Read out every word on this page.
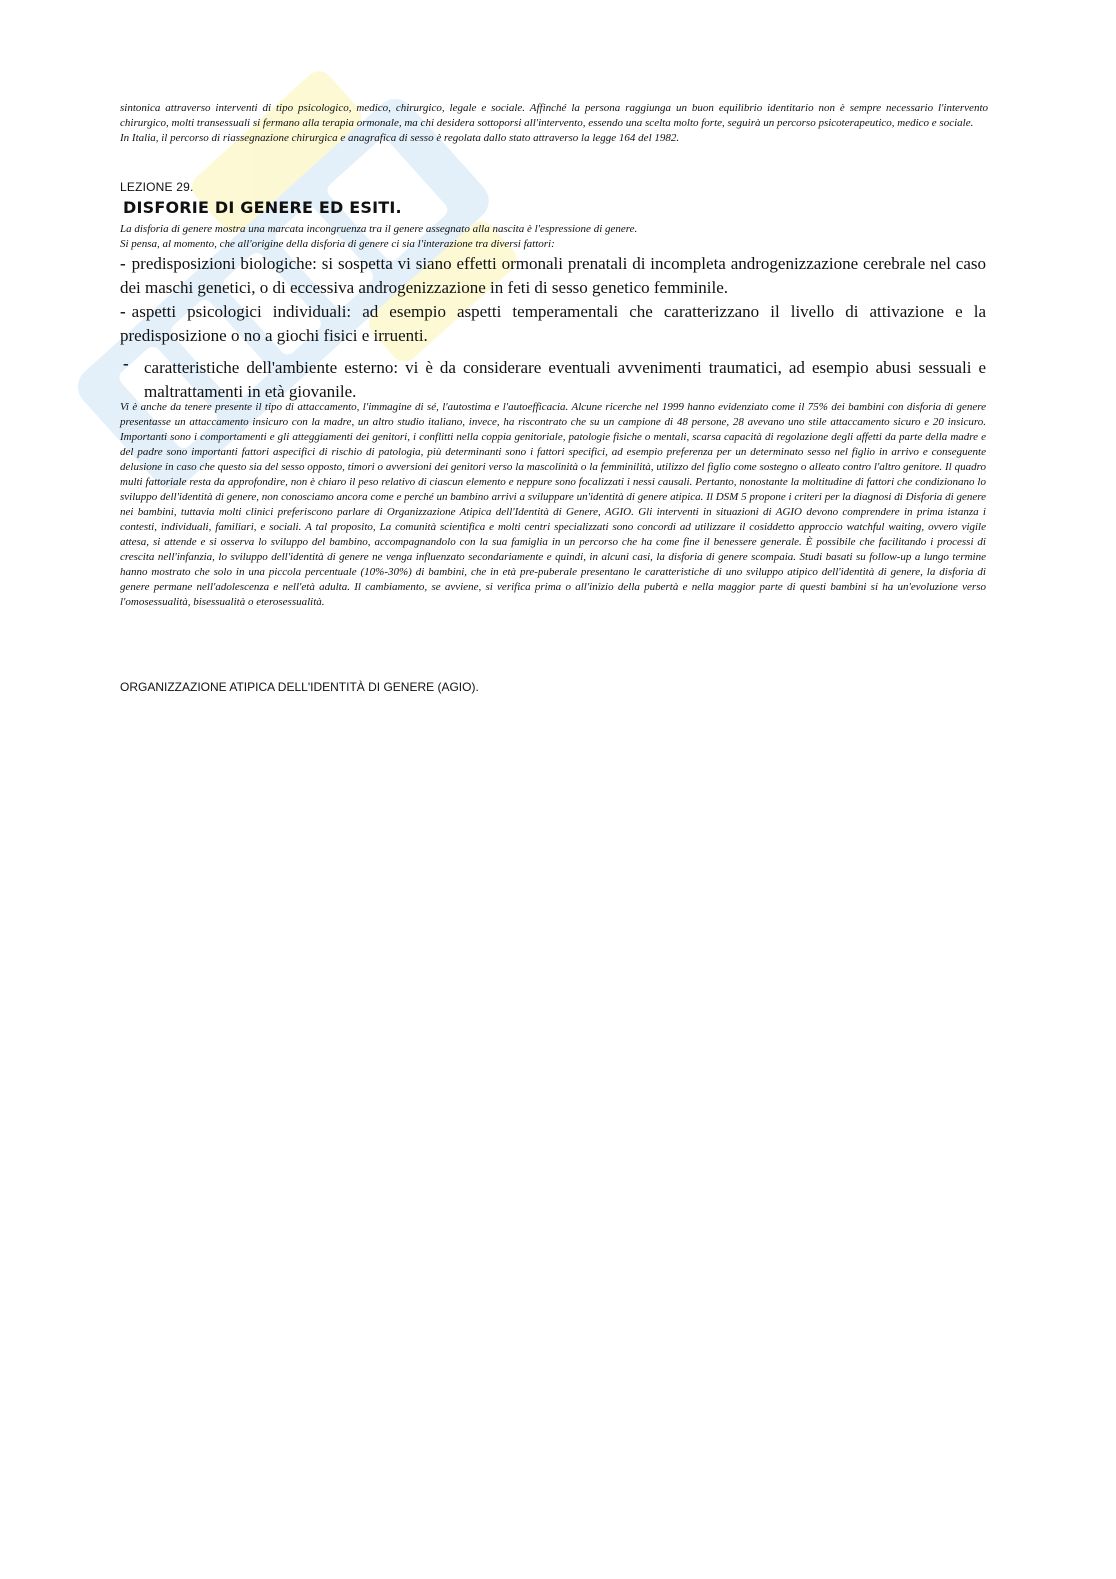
sintonica attraverso interventi di tipo psicologico, medico, chirurgico, legale e sociale. Affinché la persona raggiunga un buon equilibrio identitario non è sempre necessario l'intervento chirurgico, molti transessuali si fermano alla terapia ormonale, ma chi desidera sottoporsi all'intervento, essendo una scelta molto forte, seguirà un percorso psicoterapeutico, medico e sociale.

In Italia, il percorso di riassegnazione chirurgica e anagrafica di sesso è regolata dallo stato attraverso la legge 164 del 1982.

LEZIONE 29.
DISFORIE DI GENERE ED ESITI.

La disforia di genere mostra una marcata incongruenza tra il genere assegnato alla nascita è l'espressione di genere.

Si pensa, al momento, che all'origine della disforia di genere ci sia l'interazione tra diversi fattori:

- predisposizioni biologiche: si sospetta vi siano effetti ormonali prenatali di incompleta androgenizzazione cerebrale nel caso dei maschi genetici, o di eccessiva androgenizzazione in feti di sesso genetico femminile.
- aspetti psicologici individuali: ad esempio aspetti temperamentali che caratterizzano il livello di attivazione e la predisposizione o no a giochi fisici e irruenti.
- caratteristiche dell'ambiente esterno: vi è da considerare eventuali avvenimenti traumatici, ad esempio abusi sessuali e maltrattamenti in età giovanile.

Vi è anche da tenere presente il tipo di attaccamento, l'immagine di sé, l'autostima e l'autoefficacia. Alcune ricerche nel 1999 hanno evidenziato come il 75% dei bambini con disforia di genere presentasse un attaccamento insicuro con la madre, un altro studio italiano, invece, ha riscontrato che su un campione di 48 persone, 28 avevano uno stile attaccamento sicuro e 20 insicuro. Importanti sono i comportamenti e gli atteggiamenti dei genitori, i conflitti nella coppia genitoriale, patologie fisiche o mentali, scarsa capacità di regolazione degli affetti da parte della madre e del padre sono importanti fattori aspecifici di rischio di patologia, più determinanti sono i fattori specifici, ad esempio preferenza per un determinato sesso nel figlio in arrivo e conseguente delusione in caso che questo sia del sesso opposto, timori o avversioni dei genitori verso la mascolinità o la femminilità, utilizzo del figlio come sostegno o alleato contro l'altro genitore. Il quadro multi fattoriale resta da approfondire, non è chiaro il peso relativo di ciascun elemento e neppure sono focalizzati i nessi causali. Pertanto, nonostante la moltitudine di fattori che condizionano lo sviluppo dell'identità di genere, non conosciamo ancora come e perché un bambino arrivi a sviluppare un'identità di genere atipica. Il DSM 5 propone i criteri per la diagnosi di Disforia di genere nei bambini, tuttavia molti clinici preferiscono parlare di Organizzazione Atipica dell'Identità di Genere, AGIO. Gli interventi in situazioni di AGIO devono comprendere in prima istanza i contesti, individuali, familiari, e sociali. A tal proposito, La comunità scientifica e molti centri specializzati sono concordi ad utilizzare il cosiddetto approccio watchful waiting, ovvero vigile attesa, si attende e si osserva lo sviluppo del bambino, accompagnandolo con la sua famiglia in un percorso che ha come fine il benessere generale. È possibile che facilitando i processi di crescita nell'infanzia, lo sviluppo dell'identità di genere ne venga influenzato secondariamente e quindi, in alcuni casi, la disforia di genere scompaia. Studi basati su follow-up a lungo termine hanno mostrato che solo in una piccola percentuale (10%-30%) di bambini, che in età pre-puberale presentano le caratteristiche di uno sviluppo atipico dell'identità di genere, la disforia di genere permane nell'adolescenza e nell'età adulta. Il cambiamento, se avviene, si verifica prima o all'inizio della pubertà e nella maggior parte di questi bambini si ha un'evoluzione verso l'omosessualità, bisessualità o eterosessualità.

ORGANIZZAZIONE ATIPICA DELL'IDENTITÀ DI GENERE (AGIO).
